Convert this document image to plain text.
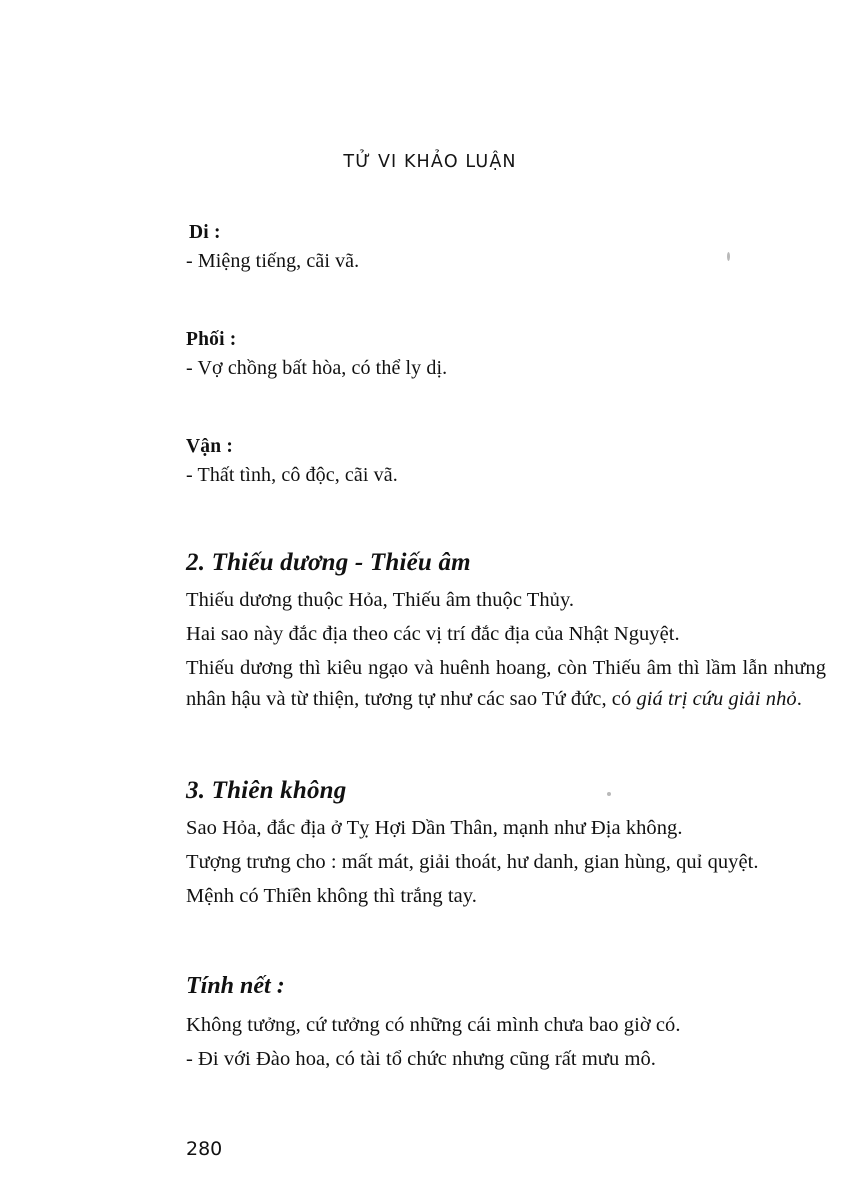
TỬ VI KHẢO LUẬN

Di :

- Miệng tiếng, cãi vã.

Phối :

- Vợ chồng bất hòa, có thể ly dị.

Vận :

- Thất tình, cô độc, cãi vã.

2. Thiếu dương - Thiếu âm

Thiếu dương thuộc Hỏa, Thiếu âm thuộc Thủy.

Hai sao này đắc địa theo các vị trí đắc địa của Nhật Nguyệt.

Thiếu dương thì kiêu ngạo và huênh hoang, còn Thiếu âm thì lầm lẫn nhưng nhân hậu và từ thiện, tương tự như các sao Tứ đức, có giá trị cứu giải nhỏ.

3. Thiên không

Sao Hỏa, đắc địa ở Tỵ Hợi Dần Thân, mạnh như Địa không.

Tượng trưng cho : mất mát, giải thoát, hư danh, gian hùng, quỉ quyệt.

Mệnh có Thiên không thì trắng tay.

Tính nết :

Không tưởng, cứ tưởng có những cái mình chưa bao giờ có.

- Đi với Đào hoa, có tài tổ chức nhưng cũng rất mưu mô.

280
